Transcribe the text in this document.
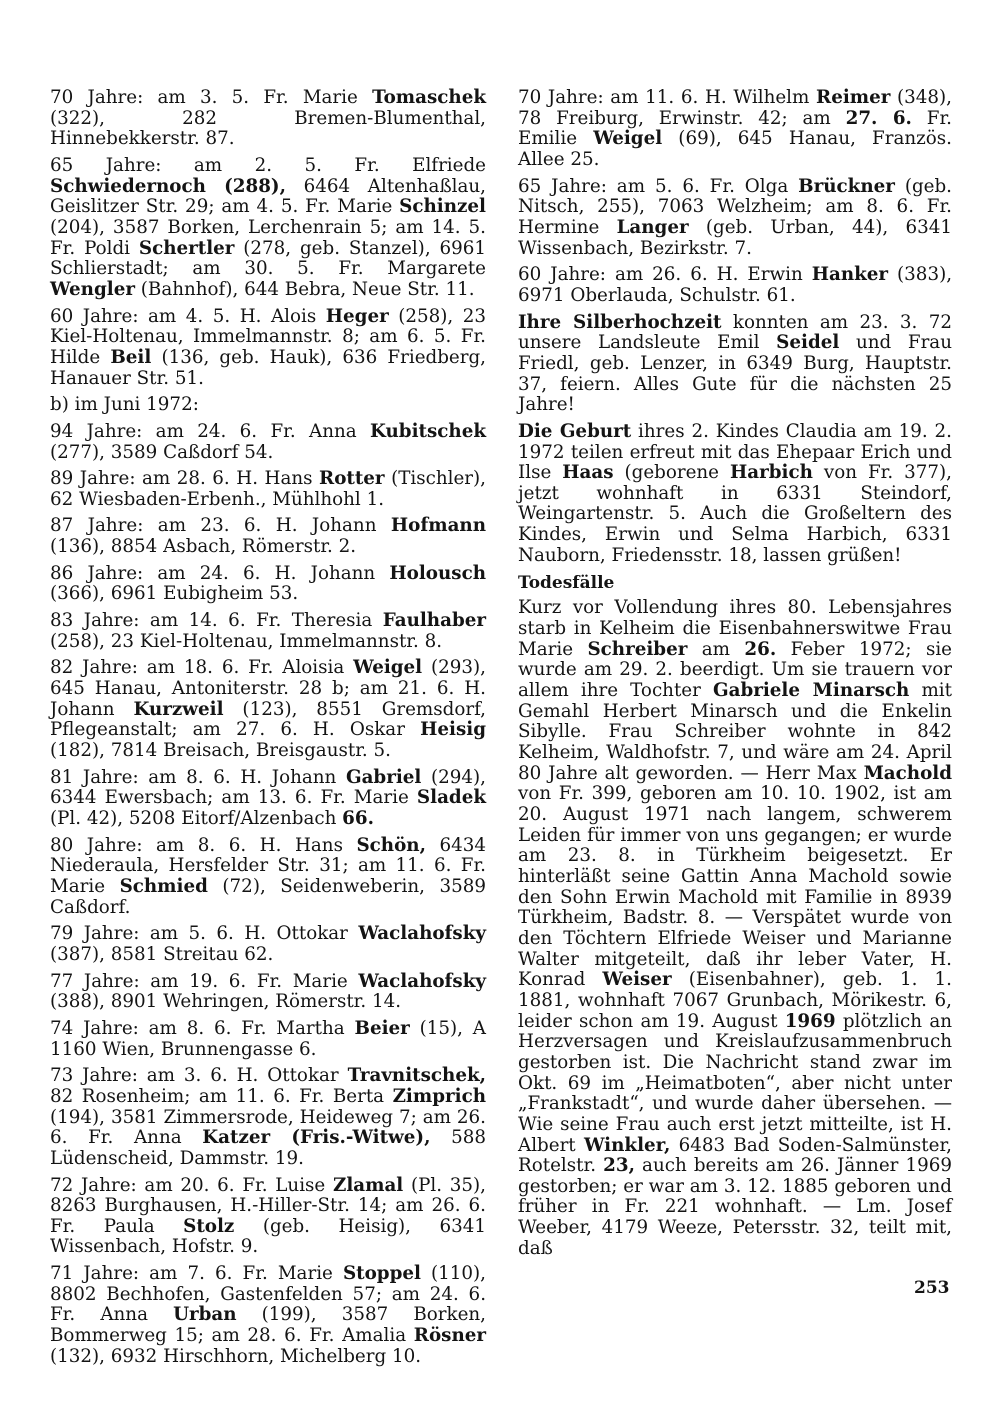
70 Jahre: am 3. 5. Fr. Marie Tomaschek (322), 282 Bremen-Blumenthal, Hinnebekkerstr. 87.

65 Jahre: am 2. 5. Fr. Elfriede Schwiedernoch (288), 6464 Altenhaßlau, Geislitzer Str. 29; am 4. 5. Fr. Marie Schinzel (204), 3587 Borken, Lerchenrain 5; am 14. 5. Fr. Poldi Schertler (278, geb. Stanzel), 6961 Schlierstadt; am 30. 5. Fr. Margarete Wengler (Bahnhof), 644 Bebra, Neue Str. 11.

60 Jahre: am 4. 5. H. Alois Heger (258), 23 Kiel-Holtenau, Immelmannstr. 8; am 6. 5. Fr. Hilde Beil (136, geb. Hauk), 636 Friedberg, Hanauer Str. 51.

b) im Juni 1972:

94 Jahre: am 24. 6. Fr. Anna Kubitschek (277), 3589 Caßdorf 54.

89 Jahre: am 28. 6. H. Hans Rotter (Tischler), 62 Wiesbaden-Erbenh., Mühlhohl 1.

87 Jahre: am 23. 6. H. Johann Hofmann (136), 8854 Asbach, Römerstr. 2.

86 Jahre: am 24. 6. H. Johann Holousch (366), 6961 Eubigheim 53.

83 Jahre: am 14. 6. Fr. Theresia Faulhaber (258), 23 Kiel-Holtenau, Immelmannstr. 8.

82 Jahre: am 18. 6. Fr. Aloisia Weigel (293), 645 Hanau, Antoniterstr. 28 b; am 21. 6. H. Johann Kurzweil (123), 8551 Gremsdorf, Pflegeanstalt; am 27. 6. H. Oskar Heisig (182), 7814 Breisach, Breisgaustr. 5.

81 Jahre: am 8. 6. H. Johann Gabriel (294), 6344 Ewersbach; am 13. 6. Fr. Marie Sladek (Pl. 42), 5208 Eitorf/Alzenbach 66.

80 Jahre: am 8. 6. H. Hans Schön, 6434 Niederaula, Hersfelder Str. 31; am 11. 6. Fr. Marie Schmied (72), Seidenweberin, 3589 Caßdorf.

79 Jahre: am 5. 6. H. Ottokar Waclahofsky (387), 8581 Streitau 62.

77 Jahre: am 19. 6. Fr. Marie Waclahofsky (388), 8901 Wehringen, Römerstr. 14.

74 Jahre: am 8. 6. Fr. Martha Beier (15), A 1160 Wien, Brunnengasse 6.

73 Jahre: am 3. 6. H. Ottokar Travnitschek, 82 Rosenheim; am 11. 6. Fr. Berta Zimprich (194), 3581 Zimmersrode, Heideweg 7; am 26. 6. Fr. Anna Katzer (Fris.-Witwe), 588 Lüdenscheid, Dammstr. 19.

72 Jahre: am 20. 6. Fr. Luise Zlamal (Pl. 35), 8263 Burghausen, H.-Hiller-Str. 14; am 26. 6. Fr. Paula Stolz (geb. Heisig), 6341 Wissenbach, Hofstr. 9.

71 Jahre: am 7. 6. Fr. Marie Stoppel (110), 8802 Bechhofen, Gastenfelden 57; am 24. 6. Fr. Anna Urban (199), 3587 Borken, Bommerweg 15; am 28. 6. Fr. Amalia Rösner (132), 6932 Hirschhorn, Michelberg 10.

70 Jahre: am 11. 6. H. Wilhelm Reimer (348), 78 Freiburg, Erwinstr. 42; am 27. 6. Fr. Emilie Weigel (69), 645 Hanau, Französ. Allee 25.

65 Jahre: am 5. 6. Fr. Olga Brückner (geb. Nitsch, 255), 7063 Welzheim; am 8. 6. Fr. Hermine Langer (geb. Urban, 44), 6341 Wissenbach, Bezirkstr. 7.

60 Jahre: am 26. 6. H. Erwin Hanker (383), 6971 Oberlauda, Schulstr. 61.

Ihre Silberhochzeit konnten am 23. 3. 72 unsere Landsleute Emil Seidel und Frau Friedl, geb. Lenzer, in 6349 Burg, Hauptstr. 37, feiern. Alles Gute für die nächsten 25 Jahre!

Die Geburt ihres 2. Kindes Claudia am 19. 2. 1972 teilen erfreut mit das Ehepaar Erich und Ilse Haas (geborene Harbich von Fr. 377), jetzt wohnhaft in 6331 Steindorf, Weingartenstr. 5. Auch die Großeltern des Kindes, Erwin und Selma Harbich, 6331 Nauborn, Friedensstr. 18, lassen grüßen!

Todesfälle

Kurz vor Vollendung ihres 80. Lebensjahres starb in Kelheim die Eisenbahnerswitwe Frau Marie Schreiber am 26. Feber 1972; sie wurde am 29. 2. beerdigt. Um sie trauern vor allem ihre Tochter Gabriele Minarsch mit Gemahl Herbert Minarsch und die Enkelin Sibylle. Frau Schreiber wohnte in 842 Kelheim, Waldhofstr. 7, und wäre am 24. April 80 Jahre alt geworden. — Herr Max Machold von Fr. 399, geboren am 10. 10. 1902, ist am 20. August 1971 nach langem, schwerem Leiden für immer von uns gegangen; er wurde am 23. 8. in Türkheim beigesetzt. Er hinterläßt seine Gattin Anna Machold sowie den Sohn Erwin Machold mit Familie in 8939 Türkheim, Badstr. 8. — Verspätet wurde von den Töchtern Elfriede Weiser und Marianne Walter mitgeteilt, daß ihr leber Vater, H. Konrad Weiser (Eisenbahner), geb. 1. 1. 1881, wohnhaft 7067 Grunbach, Mörikestr. 6, leider schon am 19. August 1969 plötzlich an Herzversagen und Kreislaufzusammenbruch gestorben ist. Die Nachricht stand zwar im Okt. 69 im „Heimatboten“, aber nicht unter „Frankstadt“, und wurde daher übersehen. — Wie seine Frau auch erst jetzt mitteilte, ist H. Albert Winkler, 6483 Bad Soden-Salmünster, Rotelstr. 23, auch bereits am 26. Jänner 1969 gestorben; er war am 3. 12. 1885 geboren und früher in Fr. 221 wohnhaft. — Lm. Josef Weeber, 4179 Weeze, Petersstr. 32, teilt mit, daß

253
